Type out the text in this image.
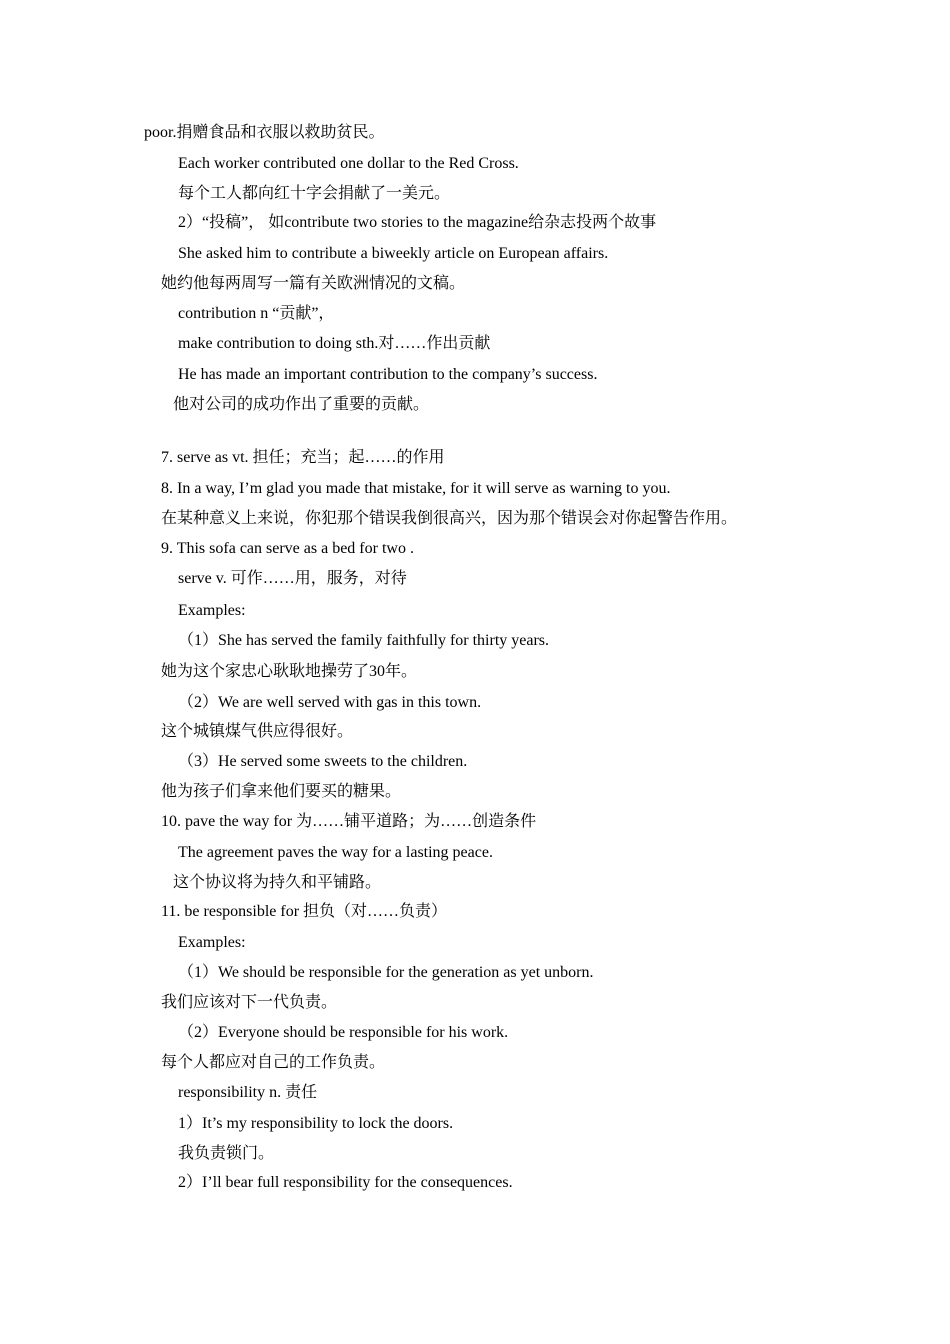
poor.捐赠食品和衣服以救助贫民。
Each worker contributed one dollar to the Red Cross.
每个工人都向红十字会捐献了一美元。
2）“投稿”， 如contribute two stories to the magazine给杂志投两个故事
She asked him to contribute a biweekly article on European affairs.
她约他每两周写一篇有关欧洲情况的文稿。
contribution n “贡献”，
make contribution to doing sth.对……作出贡献
He has made an important contribution to the company’s success.
他对公司的成功作出了重要的贡献。
7. serve as vt. 担任；充当；起……的作用
8. In a way, I’m glad you made that mistake, for it will serve as warning to you.
在某种意义上来说，你犯那个错误我倒很高兴，因为那个错误会对你起警告作用。
9. This sofa can serve as a bed for two .
serve v. 可作……用，服务，对待
Examples:
（1）She has served the family faithfully for thirty years.
她为这个家忠心耿耿地操劳了30年。
（2）We are well served with gas in this town.
这个城镇煤气供应得很好。
（3）He served some sweets to the children.
他为孩子们拿来他们要买的糖果。
10. pave the way for 为……铺平道路；为……创造条件
The agreement paves the way for a lasting peace.
这个协议将为持久和平铺路。
11. be responsible for 担负（对……负责）
Examples:
（1）We should be responsible for the generation as yet unborn.
我们应该对下一代负责。
（2）Everyone should be responsible for his work.
每个人都应对自己的工作负责。
responsibility n. 责任
1）It’s my responsibility to lock the doors.
我负责锁门。
2）I’ll bear full responsibility for the consequences.
